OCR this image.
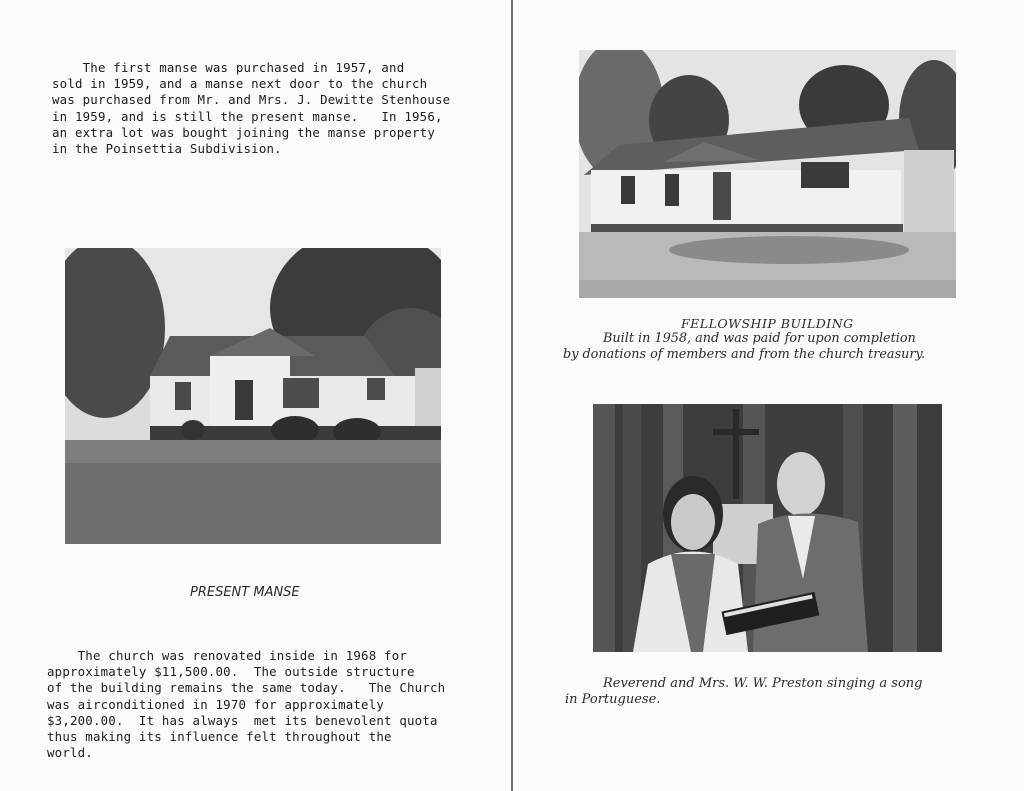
The first manse was purchased in 1957, and
sold in 1959, and a manse next door to the church
was purchased from Mr. and Mrs. J. Dewitte Stenhouse
in 1959, and is still the present manse.   In 1956,
an extra lot was bought joining the manse property
in the Poinsettia Subdivision.
PRESENT MANSE
The church was renovated inside in 1968 for
approximately $11,500.00.  The outside structure
of the building remains the same today.   The Church
was airconditioned in 1970 for approximately
$3,200.00.  It has always  met its benevolent quota
thus making its influence felt throughout the
world.
FELLOWSHIP BUILDING
Built in 1958, and was paid for upon completion
by donations of members and from the church treasury.
Reverend and Mrs. W. W. Preston singing a song
in Portuguese.
